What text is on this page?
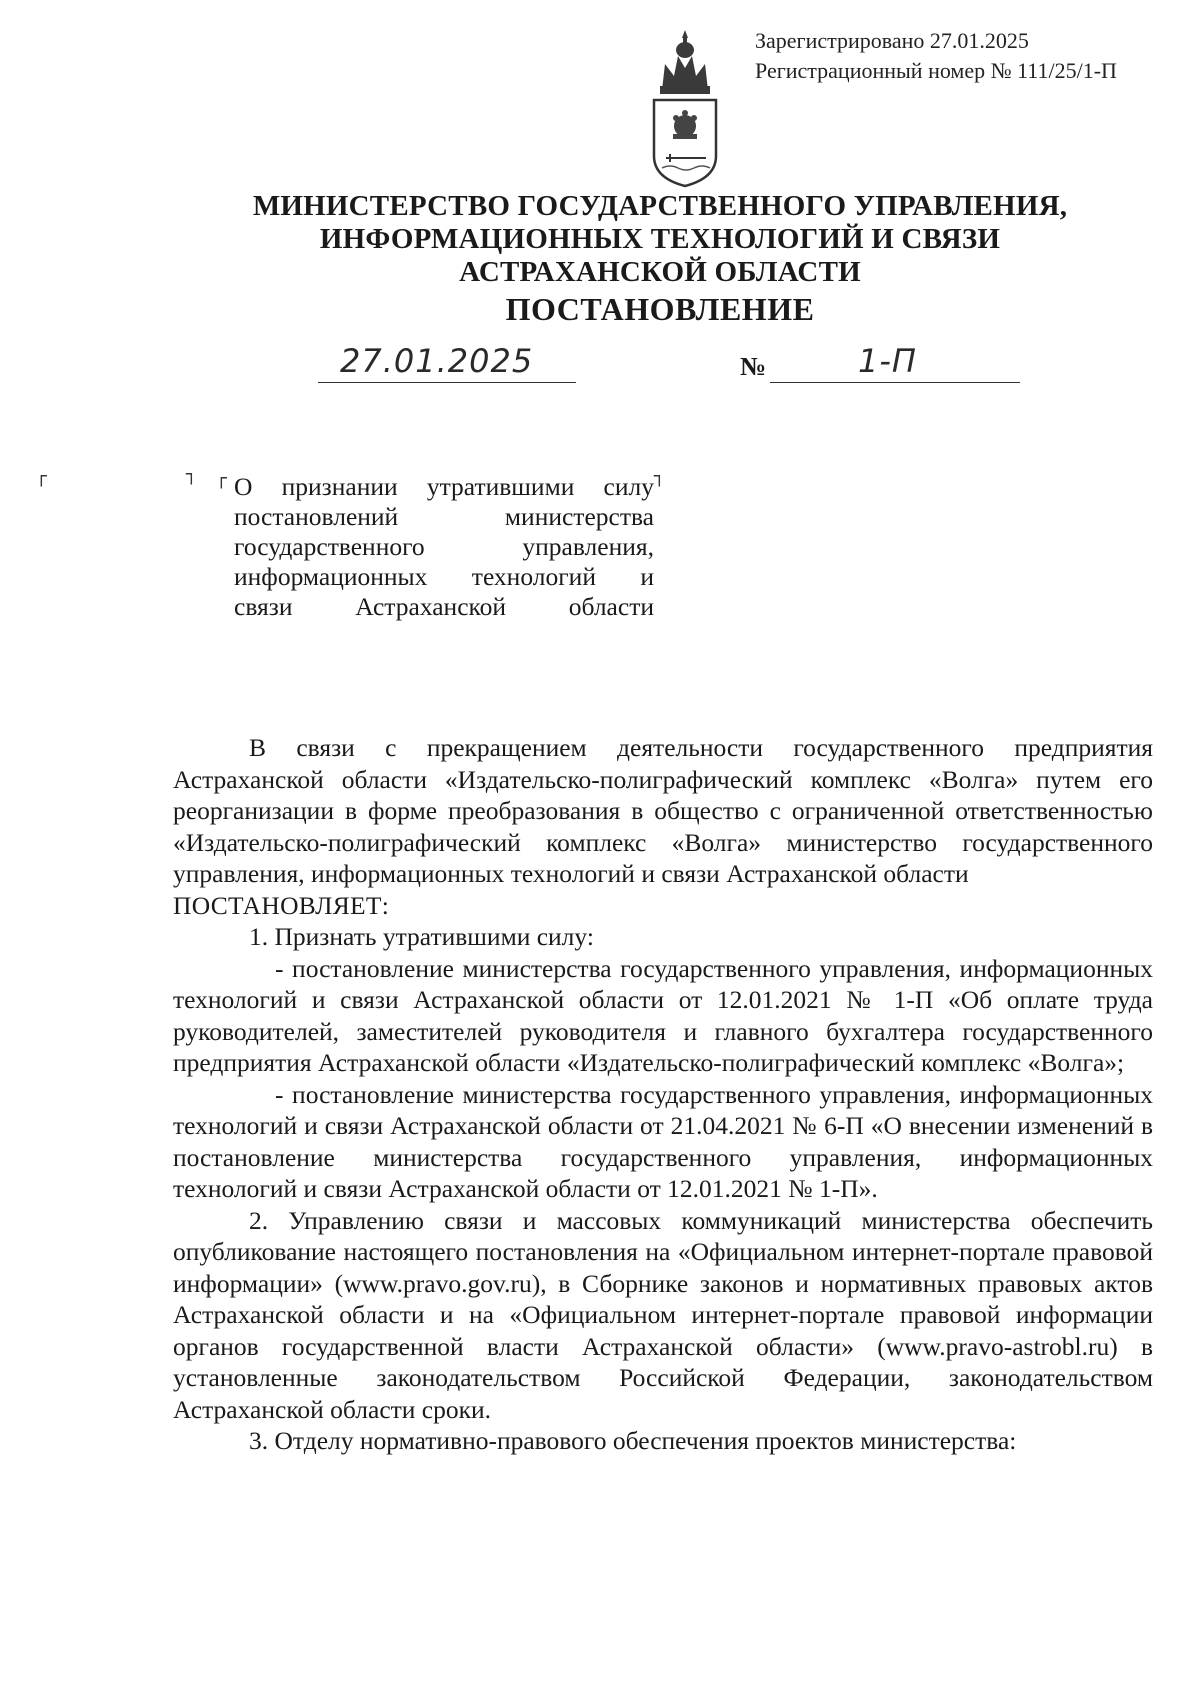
Зарегистрировано 27.01.2025
Регистрационный номер № 111/25/1-П
МИНИСТЕРСТВО ГОСУДАРСТВЕННОГО УПРАВЛЕНИЯ,
ИНФОРМАЦИОННЫХ ТЕХНОЛОГИЙ И СВЯЗИ
АСТРАХАНСКОЙ ОБЛАСТИ
ПОСТАНОВЛЕНИЕ
27.01.2025	№	1-П
┌	┐ ┌	┐
О признании утратившими силу
постановлений министерства
государственного управления,
информационных технологий и
связи Астраханской области

В связи с прекращением деятельности государственного предприятия Астраханской области «Издательско-полиграфический комплекс «Волга» путем его реорганизации в форме преобразования в общество с ограниченной ответственностью «Издательско-полиграфический комплекс «Волга» министерство государственного управления, информационных технологий и связи Астраханской области

ПОСТАНОВЛЯЕТ:

1. Признать утратившими силу:

- постановление министерства государственного управления, информационных технологий и связи Астраханской области от 12.01.2021 № 1-П «Об оплате труда руководителей, заместителей руководителя и главного бухгалтера государственного предприятия Астраханской области «Издательско-полиграфический комплекс «Волга»;

- постановление министерства государственного управления, информационных технологий и связи Астраханской области от 21.04.2021 № 6-П «О внесении изменений в постановление министерства государственного управления, информационных технологий и связи Астраханской области от 12.01.2021 № 1-П».

2. Управлению связи и массовых коммуникаций министерства обеспечить опубликование настоящего постановления на «Официальном интернет-портале правовой информации» (www.pravo.gov.ru), в Сборнике законов и нормативных правовых актов Астраханской области и на «Официальном интернет-портале правовой информации органов государственной власти Астраханской области» (www.pravo-astrobl.ru) в установленные законодательством Российской Федерации, законодательством Астраханской области сроки.

3. Отделу нормативно-правового обеспечения проектов министерства:
